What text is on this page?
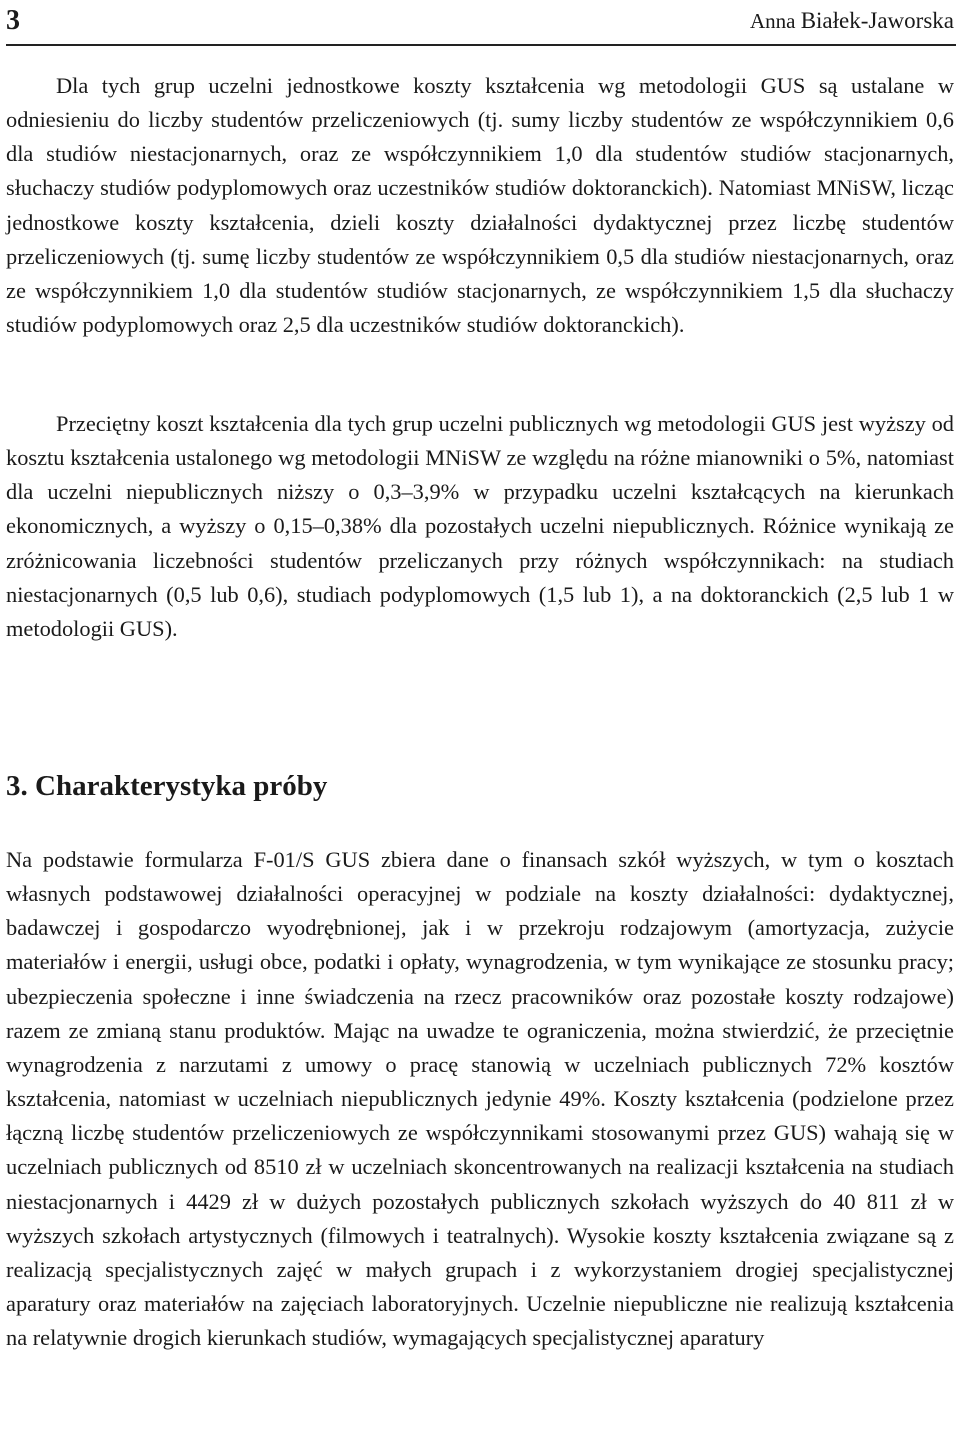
3	Anna Białek-Jaworska

Dla tych grup uczelni jednostkowe koszty kształcenia wg metodologii GUS są ustalane w odniesieniu do liczby studentów przeliczeniowych (tj. sumy liczby studentów ze współczynnikiem 0,6 dla studiów niestacjonarnych, oraz ze współczynnikiem 1,0 dla studentów studiów stacjonarnych, słuchaczy studiów podyplomowych oraz uczestników studiów doktoranckich). Natomiast MNiSW, licząc jednostkowe koszty kształcenia, dzieli koszty działalności dydaktycznej przez liczbę studentów przeliczeniowych (tj. sumę liczby studentów ze współczynnikiem 0,5 dla studiów niestacjonarnych, oraz ze współczynnikiem 1,0 dla studentów studiów stacjonarnych, ze współczynnikiem 1,5 dla słuchaczy studiów podyplomowych oraz 2,5 dla uczestników studiów doktoranckich).

Przeciętny koszt kształcenia dla tych grup uczelni publicznych wg metodologii GUS jest wyższy od kosztu kształcenia ustalonego wg metodologii MNiSW ze względu na różne mianowniki o 5%, natomiast dla uczelni niepublicznych niższy o 0,3–3,9% w przypadku uczelni kształcących na kierunkach ekonomicznych, a wyższy o 0,15–0,38% dla pozostałych uczelni niepublicznych. Różnice wynikają ze zróżnicowania liczebności studentów przeliczanych przy różnych współczynnikach: na studiach niestacjonarnych (0,5 lub 0,6), studiach podyplomowych (1,5 lub 1), a na doktoranckich (2,5 lub 1 w metodologii GUS).

3. Charakterystyka próby

Na podstawie formularza F-01/S GUS zbiera dane o finansach szkół wyższych, w tym o kosztach własnych podstawowej działalności operacyjnej w podziale na koszty działalności: dydaktycznej, badawczej i gospodarczo wyodrębnionej, jak i w przekroju rodzajowym (amortyzacja, zużycie materiałów i energii, usługi obce, podatki i opłaty, wynagrodzenia, w tym wynikające ze stosunku pracy; ubezpieczenia społeczne i inne świadczenia na rzecz pracowników oraz pozostałe koszty rodzajowe) razem ze zmianą stanu produktów. Mając na uwadze te ograniczenia, można stwierdzić, że przeciętnie wynagrodzenia z narzutami z umowy o pracę stanowią w uczelniach publicznych 72% kosztów kształcenia, natomiast w uczelniach niepublicznych jedynie 49%. Koszty kształcenia (podzielone przez łączną liczbę studentów przeliczeniowych ze współczynnikami stosowanymi przez GUS) wahają się w uczelniach publicznych od 8510 zł w uczelniach skoncentrowanych na realizacji kształcenia na studiach niestacjonarnych i 4429 zł w dużych pozostałych publicznych szkołach wyższych do 40 811 zł w wyższych szkołach artystycznych (filmowych i teatralnych). Wysokie koszty kształcenia związane są z realizacją specjalistycznych zajęć w małych grupach i z wykorzystaniem drogiej specjalistycznej aparatury oraz materiałów na zajęciach laboratoryjnych. Uczelnie niepubliczne nie realizują kształcenia na relatywnie drogich kierunkach studiów, wymagających specjalistycznej aparatury
